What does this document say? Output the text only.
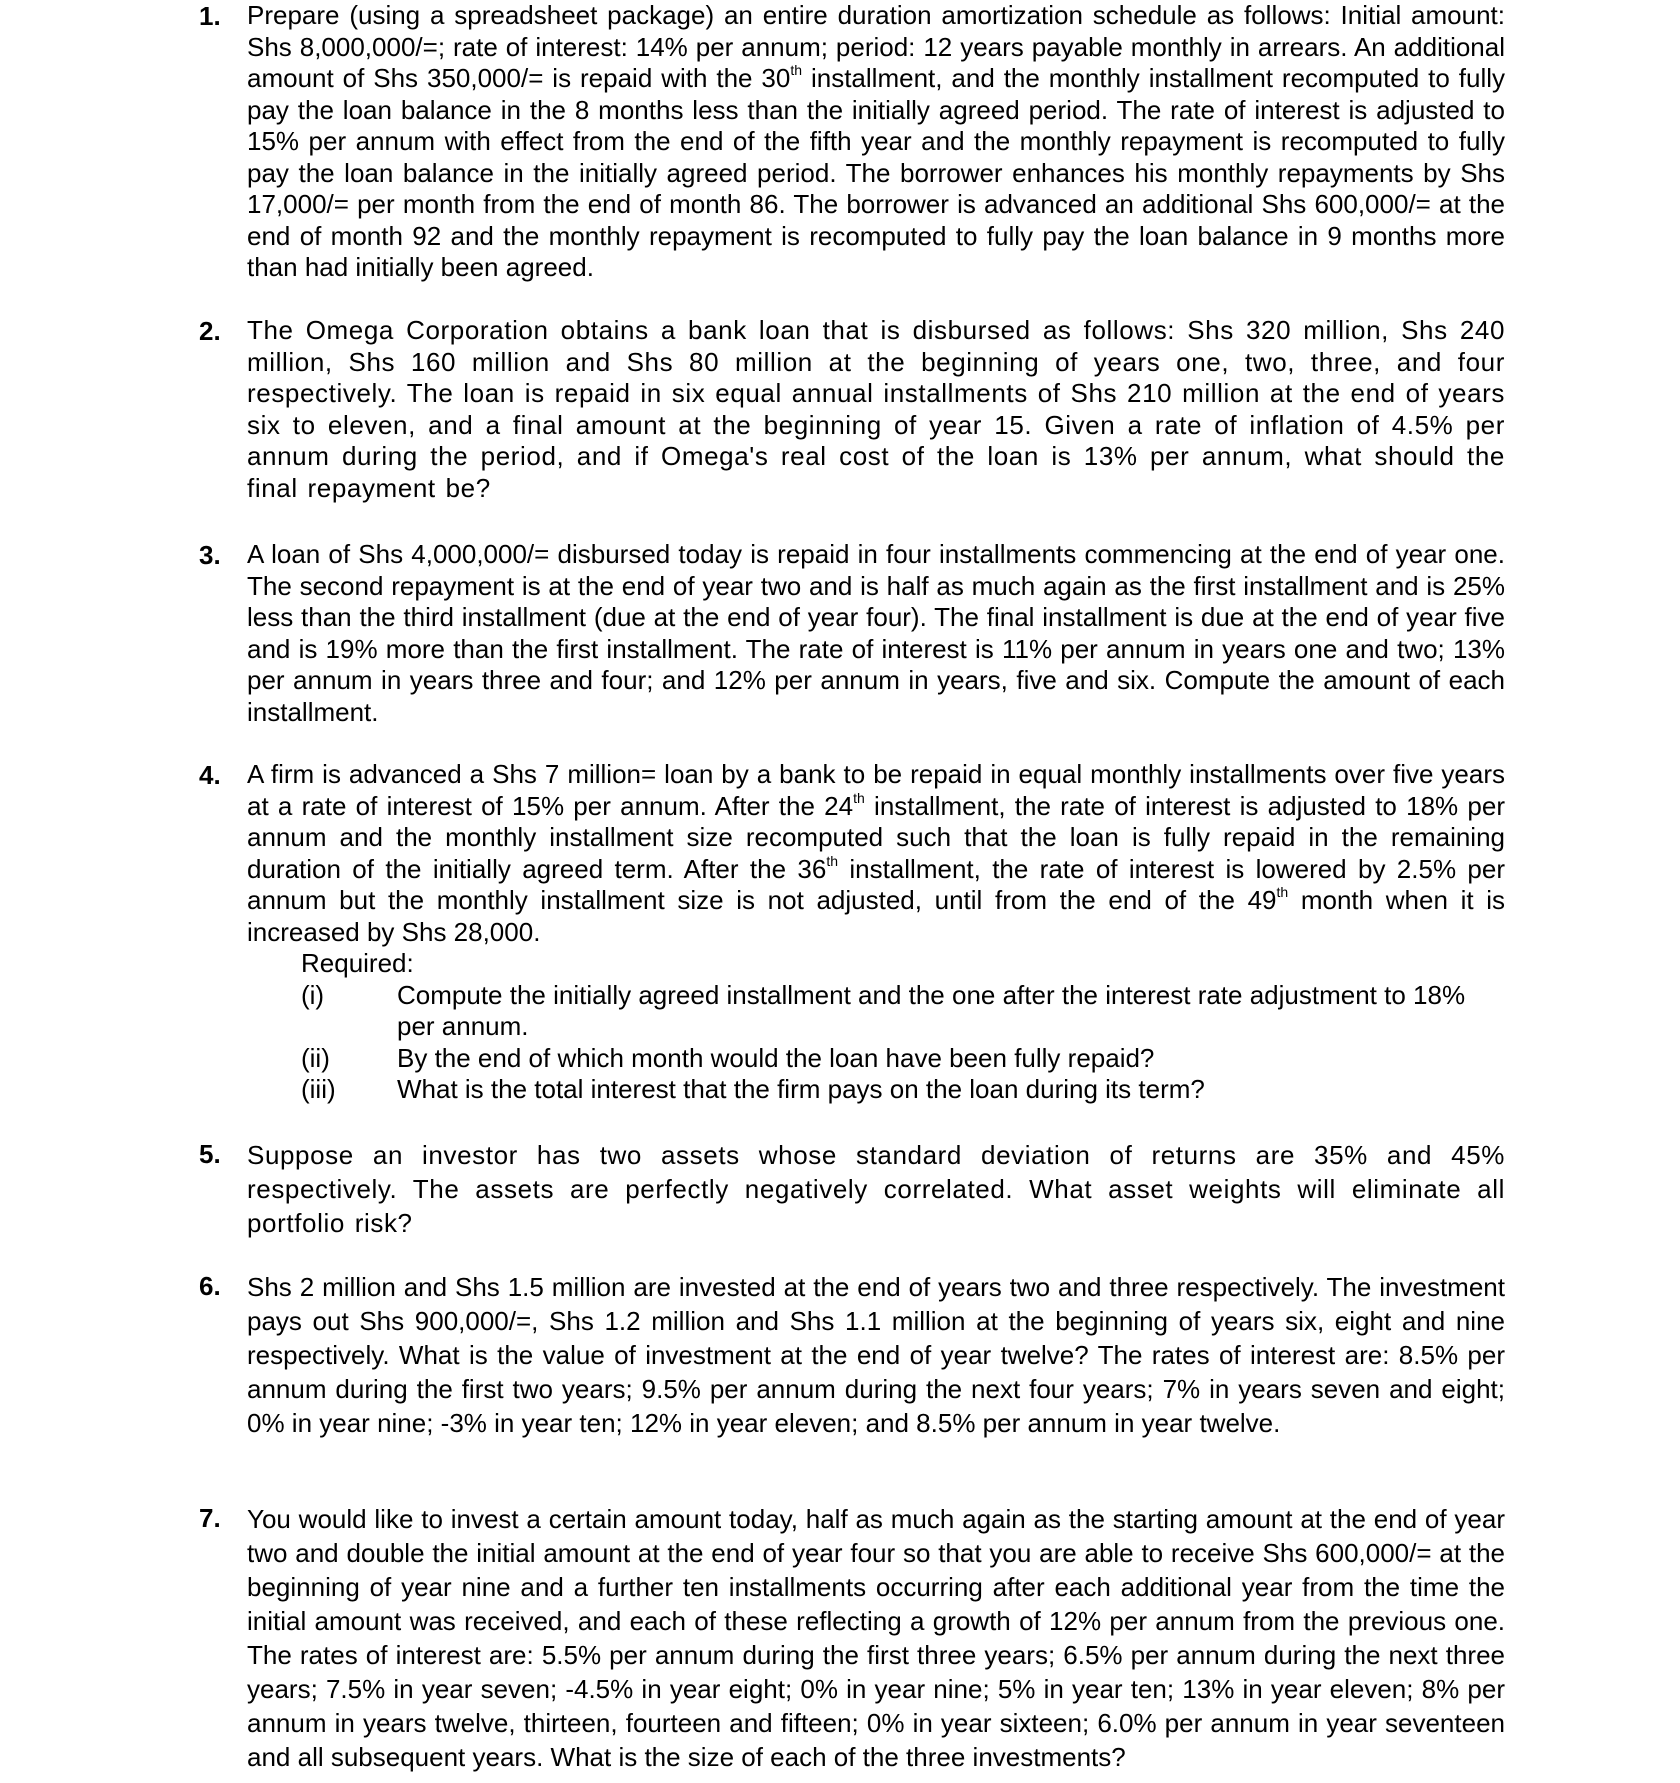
1.	Prepare (using a spreadsheet package) an entire duration amortization schedule as follows: Initial amount: Shs 8,000,000/=; rate of interest: 14% per annum; period: 12 years payable monthly in arrears. An additional amount of Shs 350,000/= is repaid with the 30th installment, and the monthly installment recomputed to fully pay the loan balance in the 8 months less than the initially agreed period. The rate of interest is adjusted to 15% per annum with effect from the end of the fifth year and the monthly repayment is recomputed to fully pay the loan balance in the initially agreed period. The borrower enhances his monthly repayments by Shs 17,000/= per month from the end of month 86. The borrower is advanced an additional Shs 600,000/= at the end of month 92 and the monthly repayment is recomputed to fully pay the loan balance in 9 months more than had initially been agreed.

2.	The Omega Corporation obtains a bank loan that is disbursed as follows: Shs 320 million, Shs 240 million, Shs 160 million and Shs 80 million at the beginning of years one, two, three, and four respectively. The loan is repaid in six equal annual installments of Shs 210 million at the end of years six to eleven, and a final amount at the beginning of year 15. Given a rate of inflation of 4.5% per annum during the period, and if Omega's real cost of the loan is 13% per annum, what should the final repayment be?

3.	A loan of Shs 4,000,000/= disbursed today is repaid in four installments commencing at the end of year one. The second repayment is at the end of year two and is half as much again as the first installment and is 25% less than the third installment (due at the end of year four). The final installment is due at the end of year five and is 19% more than the first installment. The rate of interest is 11% per annum in years one and two; 13% per annum in years three and four; and 12% per annum in years, five and six. Compute the amount of each installment.

4.	A firm is advanced a Shs 7 million= loan by a bank to be repaid in equal monthly installments over five years at a rate of interest of 15% per annum. After the 24th installment, the rate of interest is adjusted to 18% per annum and the monthly installment size recomputed such that the loan is fully repaid in the remaining duration of the initially agreed term. After the 36th installment, the rate of interest is lowered by 2.5% per annum but the monthly installment size is not adjusted, until from the end of the 49th month when it is increased by Shs 28,000.

Required:

(i)	Compute the initially agreed installment and the one after the interest rate adjustment to 18% per annum.
(ii)	By the end of which month would the loan have been fully repaid?
(iii)	What is the total interest that the firm pays on the loan during its term?
5.	Suppose an investor has two assets whose standard deviation of returns are 35% and 45% respectively. The assets are perfectly negatively correlated. What asset weights will eliminate all portfolio risk?

6.	Shs 2 million and Shs 1.5 million are invested at the end of years two and three respectively. The investment pays out Shs 900,000/=, Shs 1.2 million and Shs 1.1 million at the beginning of years six, eight and nine respectively. What is the value of investment at the end of year twelve? The rates of interest are: 8.5% per annum during the first two years; 9.5% per annum during the next four years; 7% in years seven and eight; 0% in year nine; -3% in year ten; 12% in year eleven; and 8.5% per annum in year twelve.

7.	You would like to invest a certain amount today, half as much again as the starting amount at the end of year two and double the initial amount at the end of year four so that you are able to receive Shs 600,000/= at the beginning of year nine and a further ten installments occurring after each additional year from the time the initial amount was received, and each of these reflecting a growth of 12% per annum from the previous one. The rates of interest are: 5.5% per annum during the first three years; 6.5% per annum during the next three years; 7.5% in year seven; -4.5% in year eight; 0% in year nine; 5% in year ten; 13% in year eleven; 8% per annum in years twelve, thirteen, fourteen and fifteen; 0% in year sixteen; 6.0% per annum in year seventeen and all subsequent years. What is the size of each of the three investments?
